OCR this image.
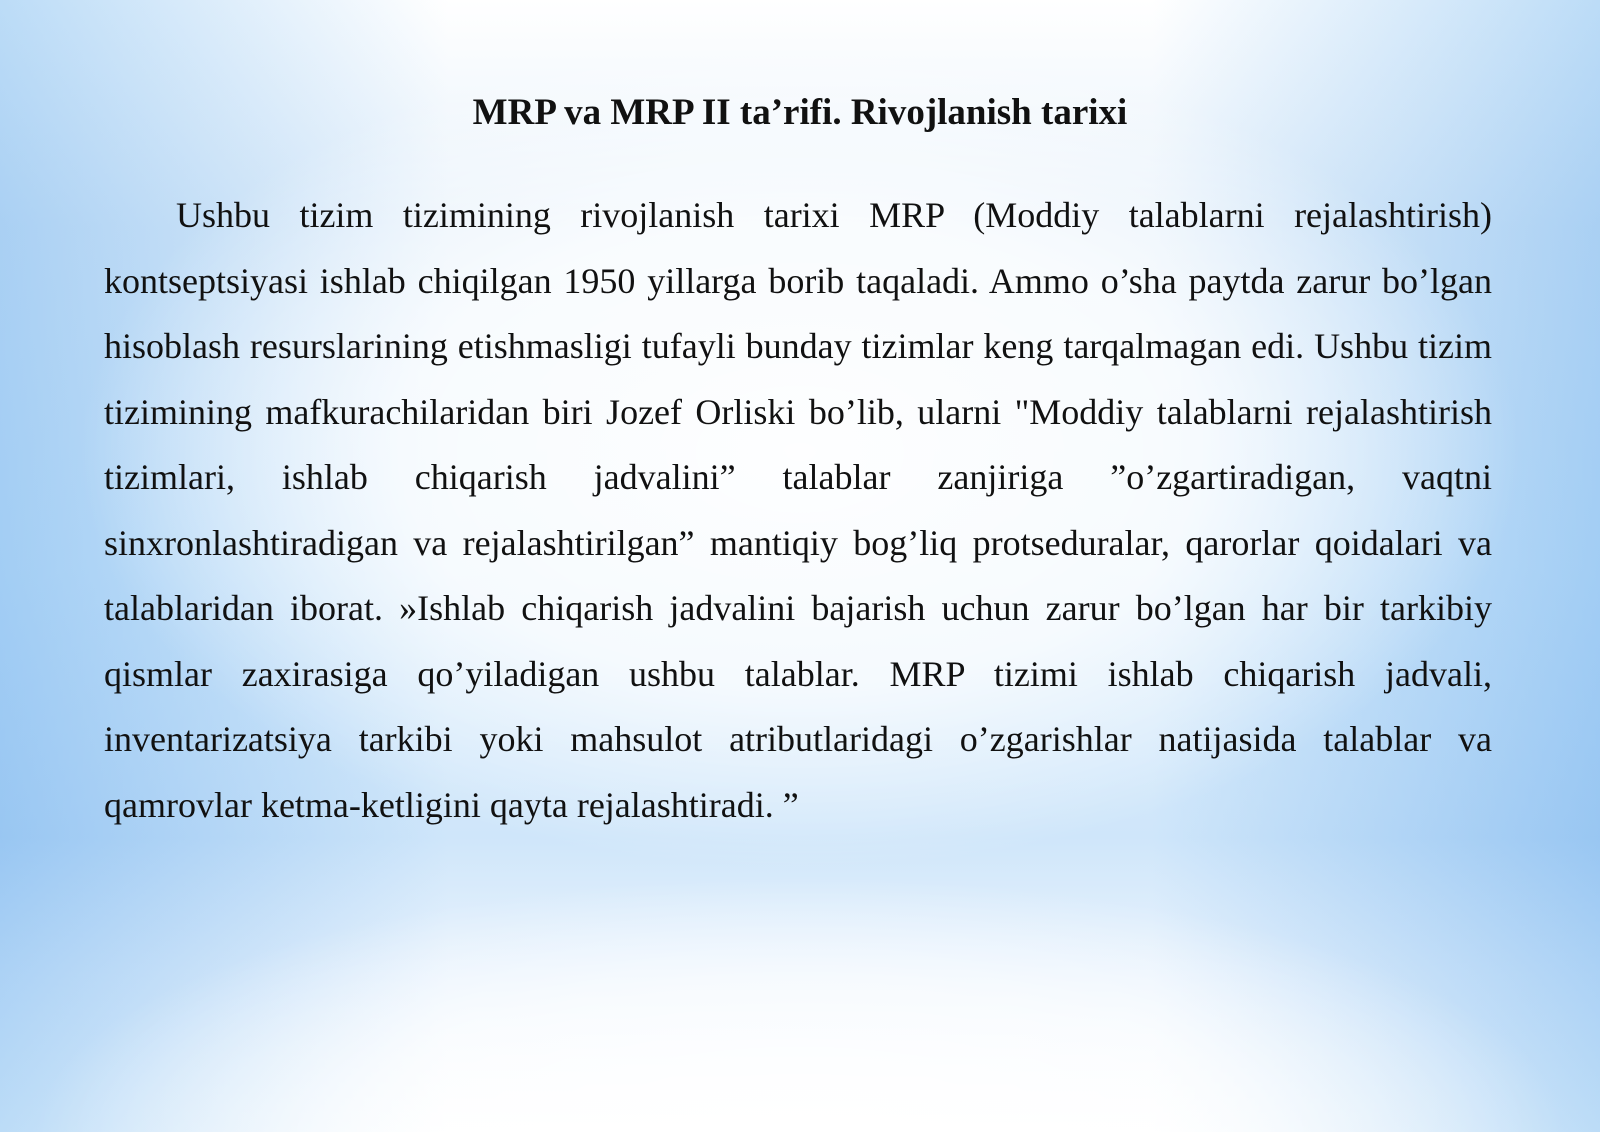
MRP va MRP II ta’rifi. Rivojlanish tarixi

Ushbu tizim tizimining rivojlanish tarixi MRP (Moddiy talablarni rejalashtirish) kontseptsiyasi ishlab chiqilgan 1950 yillarga borib taqaladi. Ammo o’sha paytda zarur bo’lgan hisoblash resurslarining etishmasligi tufayli bunday tizimlar keng tarqalmagan edi. Ushbu tizim tizimining mafkurachilaridan biri Jozef Orliski bo’lib, ularni "Moddiy talablarni rejalashtirish tizimlari, ishlab chiqarish jadvalini” talablar zanjiriga ”o’zgartiradigan, vaqtni sinxronlashtiradigan va rejalashtirilgan” mantiqiy bog’liq protseduralar, qarorlar qoidalari va talablaridan iborat. »Ishlab chiqarish jadvalini bajarish uchun zarur bo’lgan har bir tarkibiy qismlar zaxirasiga qo’yiladigan ushbu talablar. MRP tizimi ishlab chiqarish jadvali, inventarizatsiya tarkibi yoki mahsulot atributlaridagi o’zgarishlar natijasida talablar va qamrovlar ketma-ketligini qayta rejalashtiradi. ”
